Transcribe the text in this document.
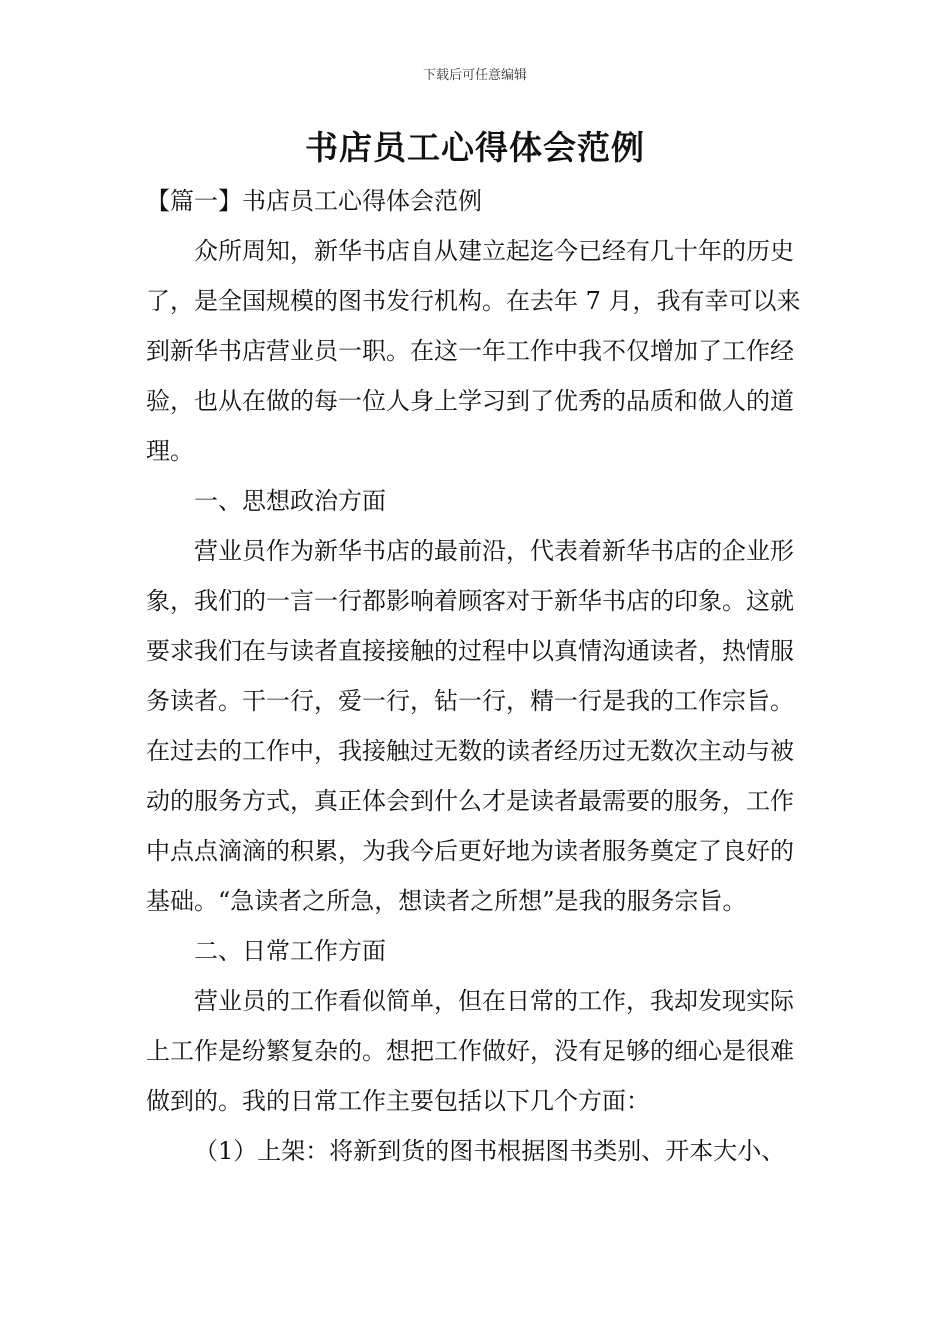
下载后可任意编辑
书店员工心得体会范例

【篇一】书店员工心得体会范例

众所周知，新华书店自从建立起迄今已经有几十年的历史了，是全国规模的图书发行机构。在去年 7 月，我有幸可以来到新华书店营业员一职。在这一年工作中我不仅增加了工作经验，也从在做的每一位人身上学习到了优秀的品质和做人的道理。

一、思想政治方面

营业员作为新华书店的最前沿，代表着新华书店的企业形象，我们的一言一行都影响着顾客对于新华书店的印象。这就要求我们在与读者直接接触的过程中以真情沟通读者，热情服务读者。干一行，爱一行，钻一行，精一行是我的工作宗旨。在过去的工作中，我接触过无数的读者经历过无数次主动与被动的服务方式，真正体会到什么才是读者最需要的服务，工作中点点滴滴的积累，为我今后更好地为读者服务奠定了良好的基础。“急读者之所急，想读者之所想”是我的服务宗旨。

二、日常工作方面

营业员的工作看似简单，但在日常的工作，我却发现实际上工作是纷繁复杂的。想把工作做好，没有足够的细心是很难做到的。我的日常工作主要包括以下几个方面：

（1）上架：将新到货的图书根据图书类别、开本大小、
